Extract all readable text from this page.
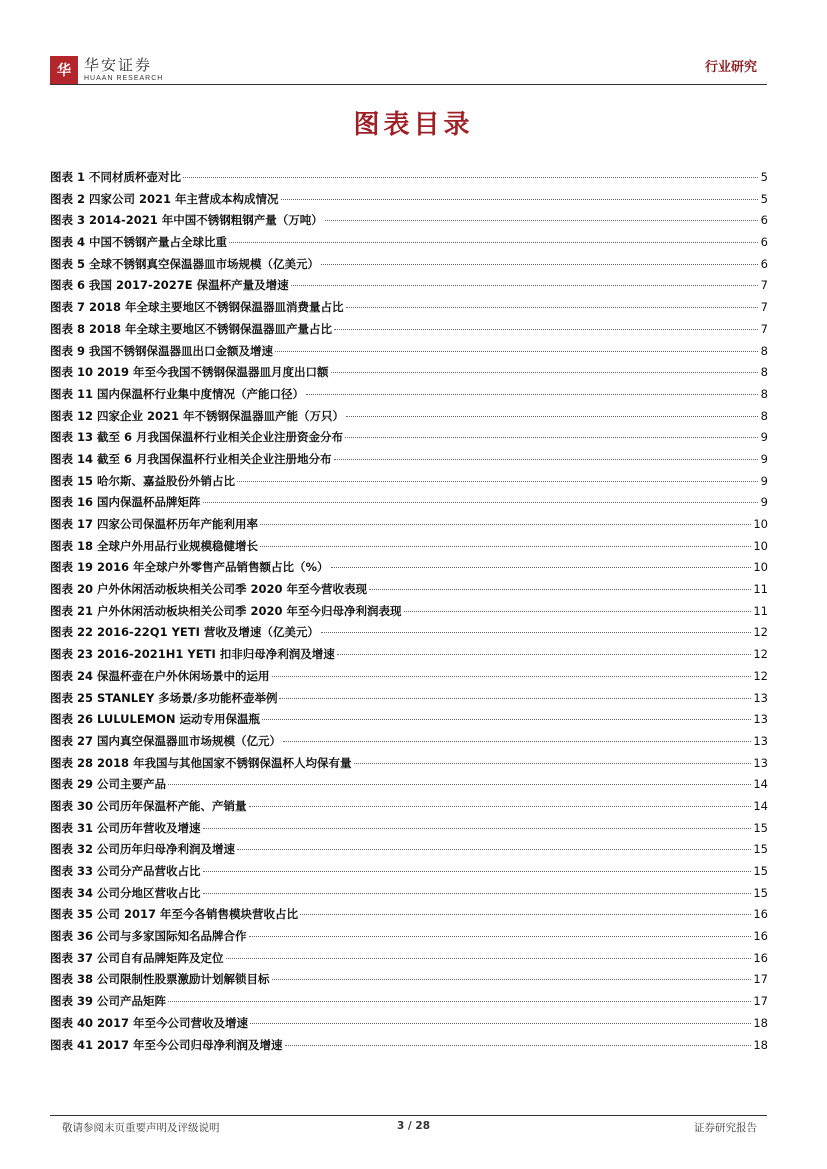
华 华安证券
HUAAN RESEARCH
行业研究
图表目录
图表 1 不同材质杯壶对比	5
图表 2 四家公司 2021 年主营成本构成情况	5
图表 3 2014-2021 年中国不锈钢粗钢产量（万吨）	6
图表 4 中国不锈钢产量占全球比重	6
图表 5 全球不锈钢真空保温器皿市场规模（亿美元）	6
图表 6 我国 2017-2027E 保温杯产量及增速	7
图表 7 2018 年全球主要地区不锈钢保温器皿消费量占比	7
图表 8 2018 年全球主要地区不锈钢保温器皿产量占比	7
图表 9 我国不锈钢保温器皿出口金额及增速	8
图表 10 2019 年至今我国不锈钢保温器皿月度出口额	8
图表 11 国内保温杯行业集中度情况（产能口径）	8
图表 12 四家企业 2021 年不锈钢保温器皿产能（万只）	8
图表 13 截至 6 月我国保温杯行业相关企业注册资金分布	9
图表 14 截至 6 月我国保温杯行业相关企业注册地分布	9
图表 15 哈尔斯、嘉益股份外销占比	9
图表 16 国内保温杯品牌矩阵	9
图表 17 四家公司保温杯历年产能利用率	10
图表 18 全球户外用品行业规模稳健增长	10
图表 19 2016 年全球户外零售产品销售额占比（%）	10
图表 20 户外休闲活动板块相关公司季 2020 年至今营收表现	11
图表 21 户外休闲活动板块相关公司季 2020 年至今归母净利润表现	11
图表 22 2016-22Q1 YETI 营收及增速（亿美元）	12
图表 23 2016-2021H1 YETI 扣非归母净利润及增速	12
图表 24 保温杯壶在户外休闲场景中的运用	12
图表 25 STANLEY 多场景/多功能杯壶举例	13
图表 26 LULULEMON 运动专用保温瓶	13
图表 27 国内真空保温器皿市场规模（亿元）	13
图表 28 2018 年我国与其他国家不锈钢保温杯人均保有量	13
图表 29 公司主要产品	14
图表 30 公司历年保温杯产能、产销量	14
图表 31 公司历年营收及增速	15
图表 32 公司历年归母净利润及增速	15
图表 33 公司分产品营收占比	15
图表 34 公司分地区营收占比	15
图表 35 公司 2017 年至今各销售模块营收占比	16
图表 36 公司与多家国际知名品牌合作	16
图表 37 公司自有品牌矩阵及定位	16
图表 38 公司限制性股票激励计划解锁目标	17
图表 39 公司产品矩阵	17
图表 40 2017 年至今公司营收及增速	18
图表 41 2017 年至今公司归母净利润及增速	18
敬请参阅末页重要声明及评级说明	3 / 28	证券研究报告
